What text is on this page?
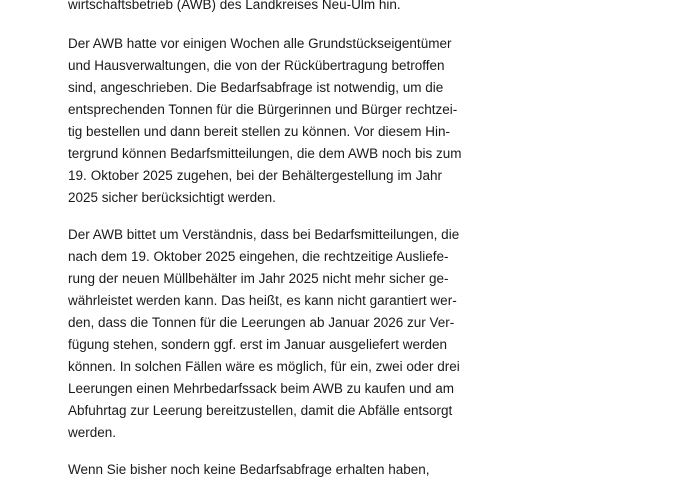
wirtschaftsbetrieb (AWB) des Landkreises Neu-Ulm hin.
Der AWB hatte vor einigen Wochen alle Grundstückseigentümer
und Hausverwaltungen, die von der Rückübertragung betroffen
sind, angeschrieben. Die Bedarfsabfrage ist notwendig, um die
entsprechenden Tonnen für die Bürgerinnen und Bürger rechtzei-
tig bestellen und dann bereit stellen zu können. Vor diesem Hin-
tergrund können Bedarfsmitteilungen, die dem AWB noch bis zum
19. Oktober 2025 zugehen, bei der Behältergestellung im Jahr
2025 sicher berücksichtigt werden.
Der AWB bittet um Verständnis, dass bei Bedarfsmitteilungen, die
nach dem 19. Oktober 2025 eingehen, die rechtzeitige Ausliefe-
rung der neuen Müllbehälter im Jahr 2025 nicht mehr sicher ge-
währleistet werden kann. Das heißt, es kann nicht garantiert wer-
den, dass die Tonnen für die Leerungen ab Januar 2026 zur Ver-
fügung stehen, sondern ggf. erst im Januar ausgeliefert werden
können. In solchen Fällen wäre es möglich, für ein, zwei oder drei
Leerungen einen Mehrbedarfssack beim AWB zu kaufen und am
Abfuhrtag zur Leerung bereitzustellen, damit die Abfälle entsorgt
werden.
Wenn Sie bisher noch keine Bedarfsabfrage erhalten haben,
